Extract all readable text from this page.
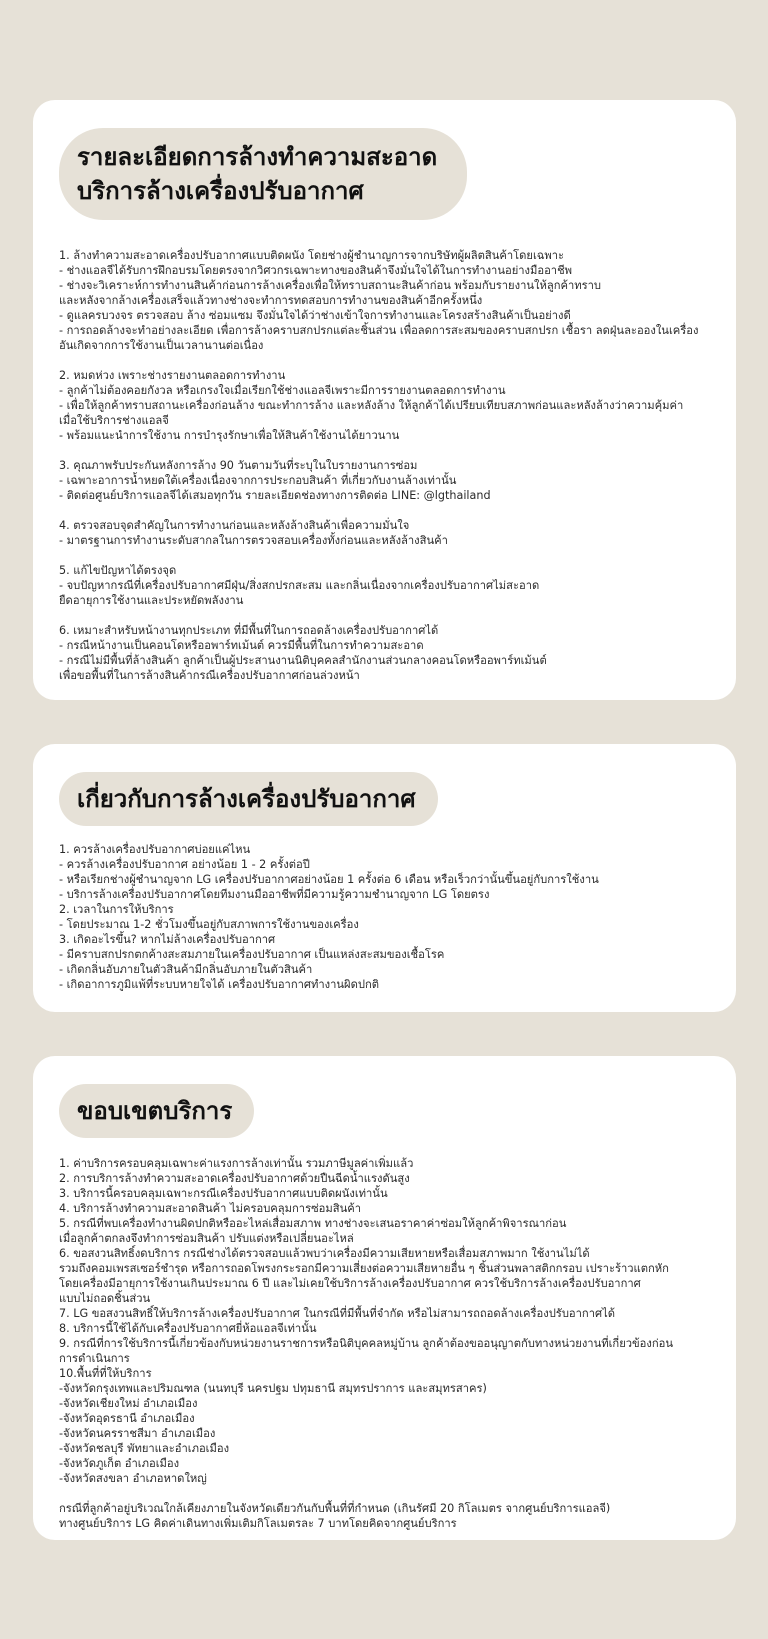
รายละเอียดการล้างทำความสะอาด
บริการล้างเครื่องปรับอากาศ
1. ล้างทำความสะอาดเครื่องปรับอากาศแบบติดผนัง โดยช่างผู้ชำนาญการจากบริษัทผู้ผลิตสินค้าโดยเฉพาะ
- ช่างแอลจีได้รับการฝึกอบรมโดยตรงจากวิศวกรเฉพาะทางของสินค้าจึงมั่นใจได้ในการทำงานอย่างมืออาชีพ
- ช่างจะวิเคราะห์การทำงานสินค้าก่อนการล้างเครื่องเพื่อให้ทราบสถานะสินค้าก่อน พร้อมกับรายงานให้ลูกค้าทราบ
และหลังจากล้างเครื่องเสร็จแล้วทางช่างจะทำการทดสอบการทำงานของสินค้าอีกครั้งหนึ่ง
- ดูแลครบวงจร ตรวจสอบ ล้าง ซ่อมแซม จึงมั่นใจได้ว่าช่างเข้าใจการทำงานและโครงสร้างสินค้าเป็นอย่างดี
- การถอดล้างจะทำอย่างละเอียด เพื่อการล้างคราบสกปรกแต่ละชิ้นส่วน เพื่อลดการสะสมของคราบสกปรก เชื้อรา ลดฝุ่นละอองในเครื่อง
อันเกิดจากการใช้งานเป็นเวลานานต่อเนื่อง
2. หมดห่วง เพราะช่างรายงานตลอดการทำงาน
- ลูกค้าไม่ต้องคอยกังวล หรือเกรงใจเมื่อเรียกใช้ช่างแอลจีเพราะมีการรายงานตลอดการทำงาน
- เพื่อให้ลูกค้าทราบสถานะเครื่องก่อนล้าง ขณะทำการล้าง และหลังล้าง ให้ลูกค้าได้เปรียบเทียบสภาพก่อนและหลังล้างว่าความคุ้มค่า
เมื่อใช้บริการช่างแอลจี
- พร้อมแนะนำการใช้งาน การบำรุงรักษาเพื่อให้สินค้าใช้งานได้ยาวนาน
3. คุณภาพรับประกันหลังการล้าง 90 วันตามวันที่ระบุในใบรายงานการซ่อม
- เฉพาะอาการน้ำหยดใต้เครื่องเนื่องจากการประกอบสินค้า ที่เกี่ยวกับงานล้างเท่านั้น
- ติดต่อศูนย์บริการแอลจีได้เสมอทุกวัน รายละเอียดช่องทางการติดต่อ LINE: @lgthailand
4. ตรวจสอบจุดสำคัญในการทำงานก่อนและหลังล้างสินค้าเพื่อความมั่นใจ
- มาตรฐานการทำงานระดับสากลในการตรวจสอบเครื่องทั้งก่อนและหลังล้างสินค้า
5. แก้ไขปัญหาได้ตรงจุด
- จบปัญหากรณีที่เครื่องปรับอากาศมีฝุ่น/สิ่งสกปรกสะสม และกลิ่นเนื่องจากเครื่องปรับอากาศไม่สะอาด
ยืดอายุการใช้งานและประหยัดพลังงาน
6. เหมาะสำหรับหน้างานทุกประเภท ที่มีพื้นที่ในการถอดล้างเครื่องปรับอากาศได้
- กรณีหน้างานเป็นคอนโดหรืออพาร์ทเม้นต์ ควรมีพื้นที่ในการทำความสะอาด
- กรณีไม่มีพื้นที่ล้างสินค้า ลูกค้าเป็นผู้ประสานงานนิติบุคคลสำนักงานส่วนกลางคอนโดหรืออพาร์ทเม้นต์
เพื่อขอพื้นที่ในการล้างสินค้ากรณีเครื่องปรับอากาศก่อนล่วงหน้า
เกี่ยวกับการล้างเครื่องปรับอากาศ
1. ควรล้างเครื่องปรับอากาศบ่อยแค่ไหน
- ควรล้างเครื่องปรับอากาศ อย่างน้อย 1 - 2 ครั้งต่อปี
- หรือเรียกช่างผู้ชำนาญจาก LG เครื่องปรับอากาศอย่างน้อย 1 ครั้งต่อ 6 เดือน หรือเร็วกว่านั้นขึ้นอยู่กับการใช้งาน
- บริการล้างเครื่องปรับอากาศโดยทีมงานมืออาชีพที่มีความรู้ความชำนาญจาก LG โดยตรง
2. เวลาในการให้บริการ
- โดยประมาณ 1-2 ชั่วโมงขึ้นอยู่กับสภาพการใช้งานของเครื่อง
3. เกิดอะไรขึ้น? หากไม่ล้างเครื่องปรับอากาศ
- มีคราบสกปรกตกค้างสะสมภายในเครื่องปรับอากาศ เป็นแหล่งสะสมของเชื้อโรค
- เกิดกลิ่นอับภายในตัวสินค้ามีกลิ่นอับภายในตัวสินค้า
- เกิดอาการภูมิแพ้ที่ระบบหายใจได้ เครื่องปรับอากาศทำงานผิดปกติ
ขอบเขตบริการ
1. ค่าบริการครอบคลุมเฉพาะค่าแรงการล้างเท่านั้น รวมภาษีมูลค่าเพิ่มแล้ว
2. การบริการล้างทำความสะอาดเครื่องปรับอากาศด้วยปืนฉีดน้ำแรงดันสูง
3. บริการนี้ครอบคลุมเฉพาะกรณีเครื่องปรับอากาศแบบติดผนังเท่านั้น
4. บริการล้างทำความสะอาดสินค้า ไม่ครอบคลุมการซ่อมสินค้า
5. กรณีที่พบเครื่องทำงานผิดปกติหรืออะไหล่เสื่อมสภาพ ทางช่างจะเสนอราคาค่าซ่อมให้ลูกค้าพิจารณาก่อน
เมื่อลูกค้าตกลงจึงทำการซ่อมสินค้า ปรับแต่งหรือเปลี่ยนอะไหล่
6. ขอสงวนสิทธิ์งดบริการ กรณีช่างได้ตรวจสอบแล้วพบว่าเครื่องมีความเสียหายหรือเสื่อมสภาพมาก ใช้งานไม่ได้
รวมถึงคอมเพรสเซอร์ชำรุด หรือการถอดโพรงกระรอกมีความเสี่ยงต่อความเสียหายอื่น ๆ ชิ้นส่วนพลาสติกกรอบ เปราะร้าวแตกหัก
โดยเครื่องมีอายุการใช้งานเกินประมาณ 6 ปี และไม่เคยใช้บริการล้างเครื่องปรับอากาศ ควรใช้บริการล้างเครื่องปรับอากาศ
แบบไม่ถอดชิ้นส่วน
7. LG ขอสงวนสิทธิ์ให้บริการล้างเครื่องปรับอากาศ ในกรณีที่มีพื้นที่จำกัด หรือไม่สามารถถอดล้างเครื่องปรับอากาศได้
8. บริการนี้ใช้ได้กับเครื่องปรับอากาศยี่ห้อแอลจีเท่านั้น
9. กรณีที่การใช้บริการนี้เกี่ยวข้องกับหน่วยงานราชการหรือนิติบุคคลหมู่บ้าน ลูกค้าต้องขออนุญาตกับทางหน่วยงานที่เกี่ยวข้องก่อน
การดำเนินการ
10.พื้นที่ที่ให้บริการ
-จังหวัดกรุงเทพและปริมณฑล (นนทบุรี นครปฐม ปทุมธานี สมุทรปราการ และสมุทรสาคร)
-จังหวัดเชียงใหม่ อำเภอเมือง
-จังหวัดอุดรธานี อำเภอเมือง
-จังหวัดนครราชสีมา อำเภอเมือง
-จังหวัดชลบุรี พัทยาและอำเภอเมือง
-จังหวัดภูเก็ต อำเภอเมือง
-จังหวัดสงขลา อำเภอหาดใหญ่
กรณีที่ลูกค้าอยู่บริเวณใกล้เคียงภายในจังหวัดเดียวกันกับพื้นที่ที่กำหนด (เกินรัศมี 20 กิโลเมตร จากศูนย์บริการแอลจี)
ทางศูนย์บริการ LG คิดค่าเดินทางเพิ่มเติมกิโลเมตรละ 7 บาทโดยคิดจากศูนย์บริการ
